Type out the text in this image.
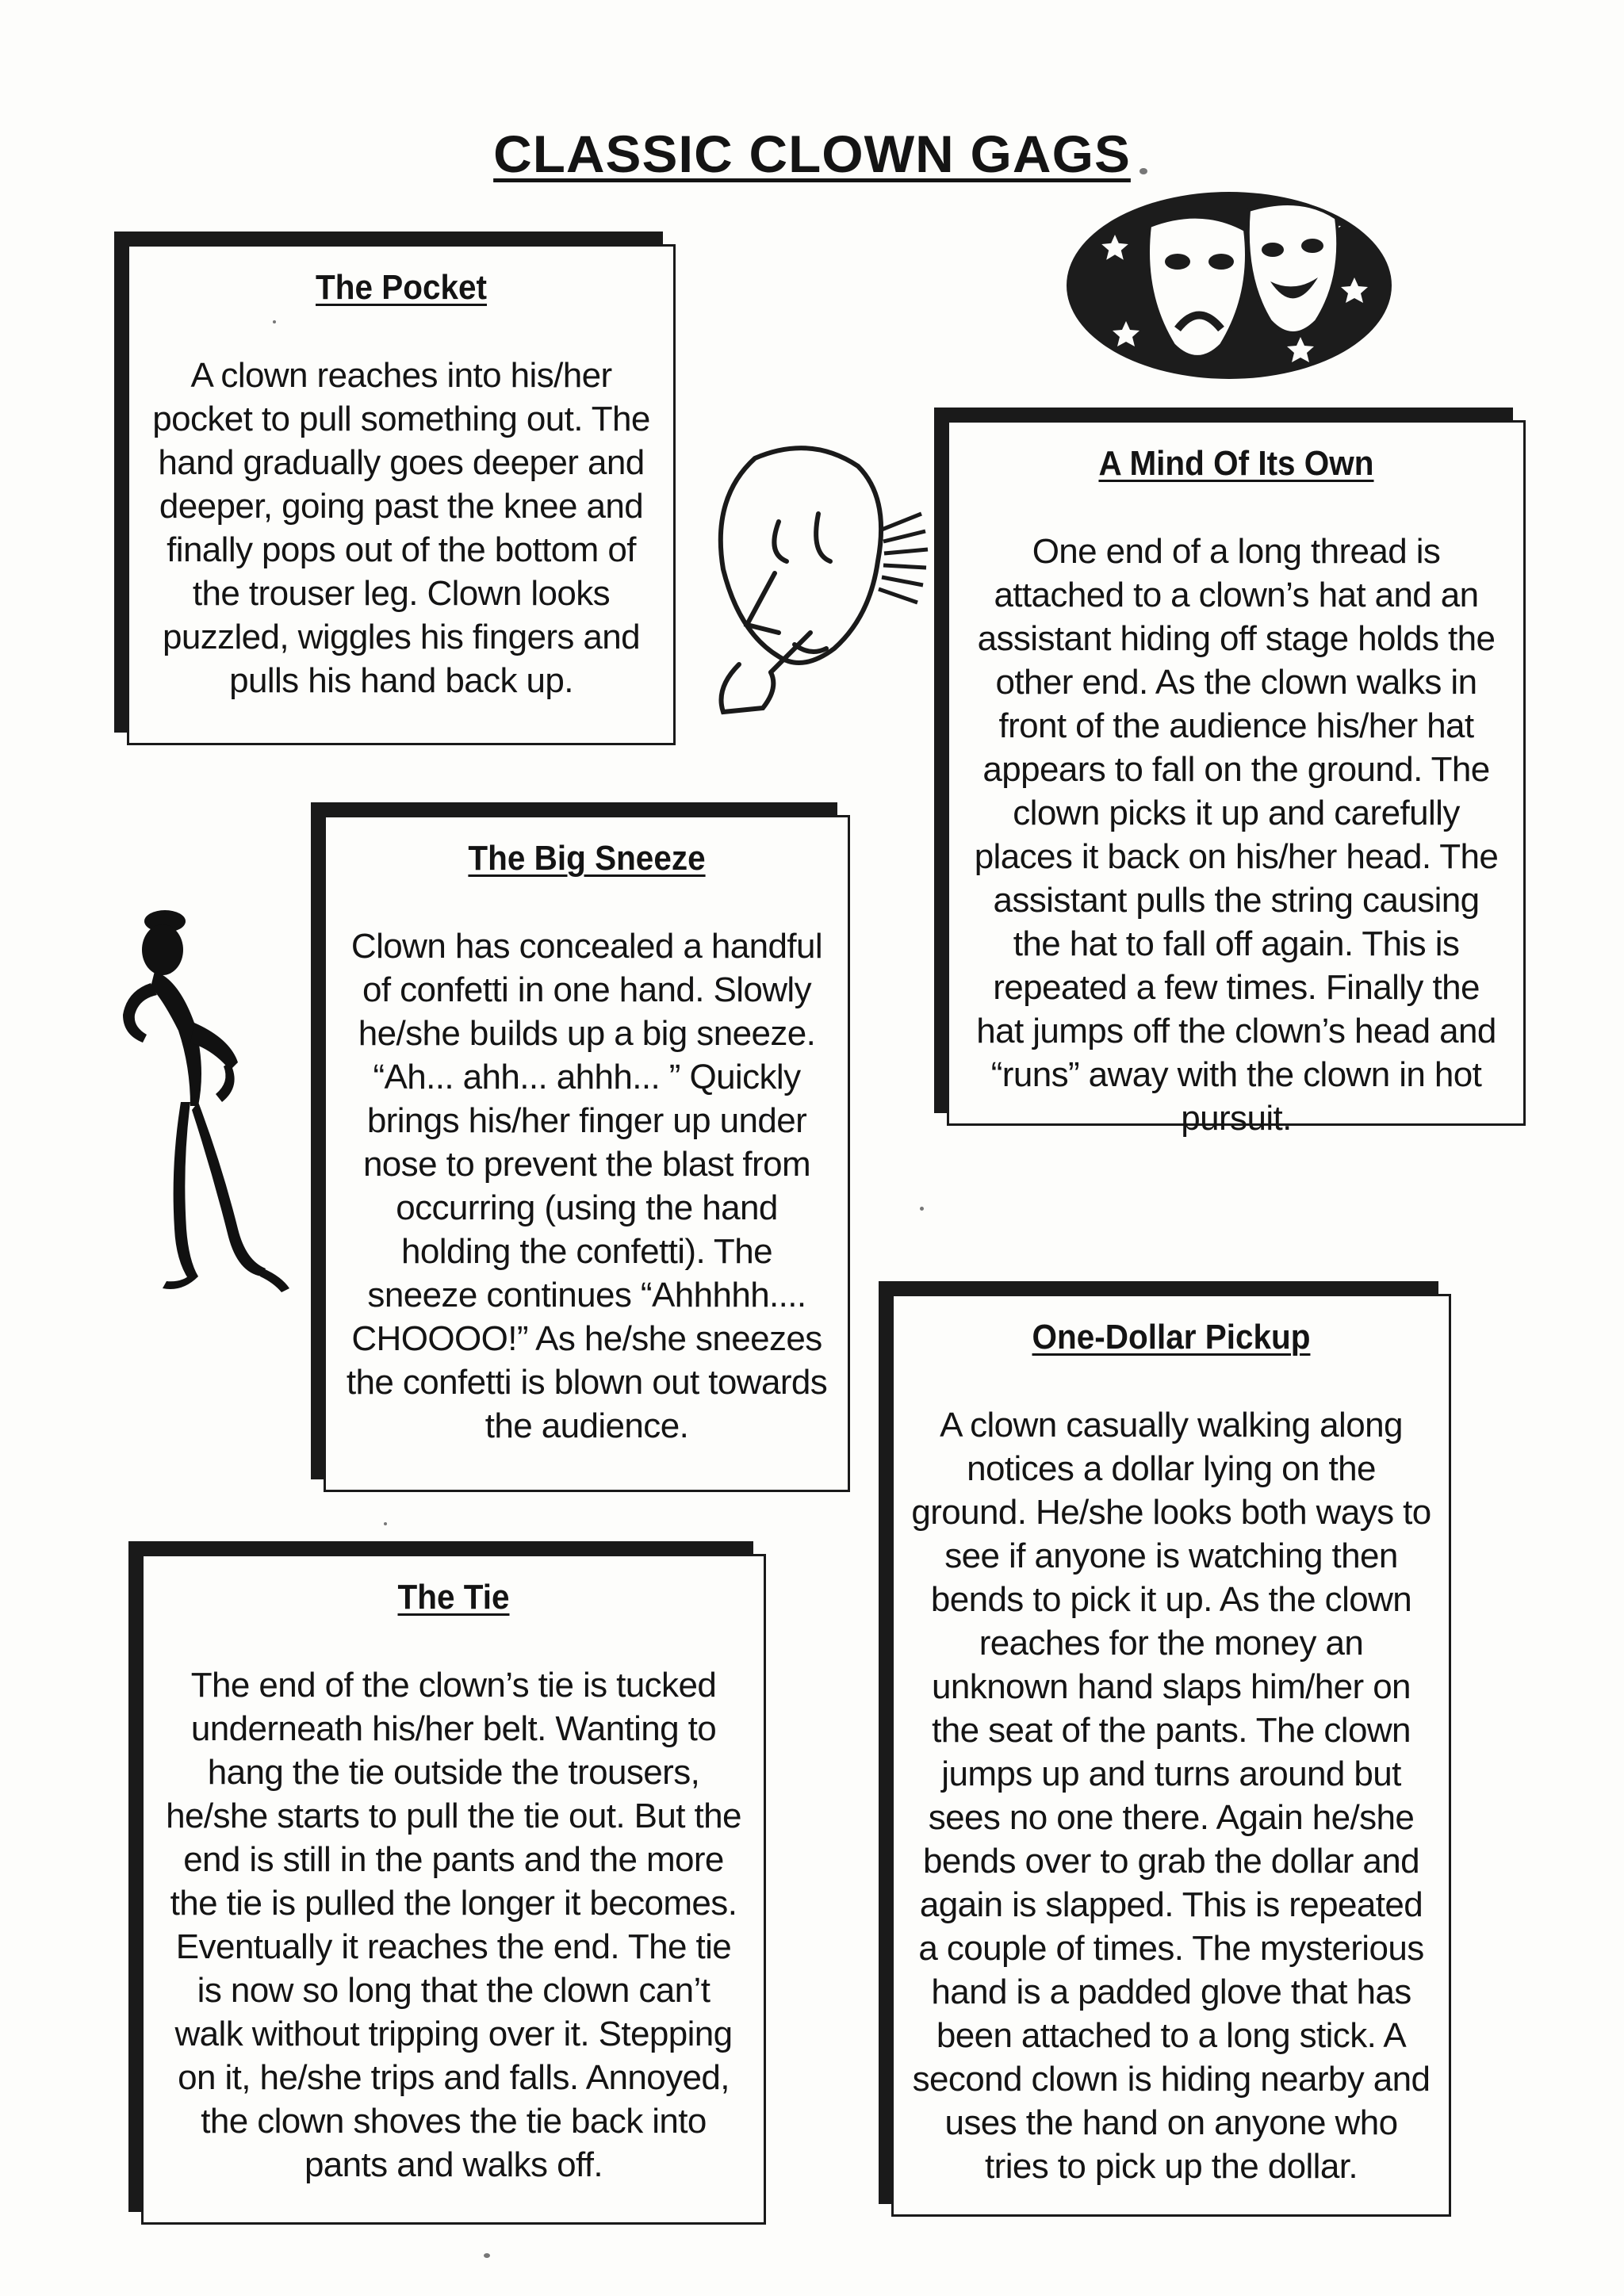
CLASSIC CLOWN GAGS
The Pocket

A clown reaches into his/her pocket to pull something out. The hand gradually goes deeper and deeper, going past the knee and finally pops out of the bottom of the trouser leg. Clown looks puzzled, wiggles his fingers and pulls his hand back up.

A Mind Of Its Own

One end of a long thread is attached to a clown’s hat and an assistant hiding off stage holds the other end. As the clown walks in front of the audience his/her hat appears to fall on the ground. The clown picks it up and carefully places it back on his/her head. The assistant pulls the string causing the hat to fall off again. This is repeated a few times. Finally the hat jumps off the clown’s head and “runs” away with the clown in hot pursuit.

The Big Sneeze

Clown has concealed a handful of confetti in one hand. Slowly he/she builds up a big sneeze. “Ah... ahh... ahhh... ” Quickly brings his/her finger up under nose to prevent the blast from occurring (using the hand holding the confetti). The sneeze continues “Ahhhhh.... CHOOOO!” As he/she sneezes the confetti is blown out towards the audience.

One-Dollar Pickup

A clown casually walking along notices a dollar lying on the ground. He/she looks both ways to see if anyone is watching then bends to pick it up. As the clown reaches for the money an unknown hand slaps him/her on the seat of the pants. The clown jumps up and turns around but sees no one there. Again he/she bends over to grab the dollar and again is slapped. This is repeated a couple of times. The mysterious hand is a padded glove that has been attached to a long stick. A second clown is hiding nearby and uses the hand on anyone who tries to pick up the dollar.

The Tie

The end of the clown’s tie is tucked underneath his/her belt. Wanting to hang the tie outside the trousers, he/she starts to pull the tie out. But the end is still in the pants and the more the tie is pulled the longer it becomes. Eventually it reaches the end. The tie is now so long that the clown can’t walk without tripping over it. Stepping on it, he/she trips and falls. Annoyed, the clown shoves the tie back into pants and walks off.
